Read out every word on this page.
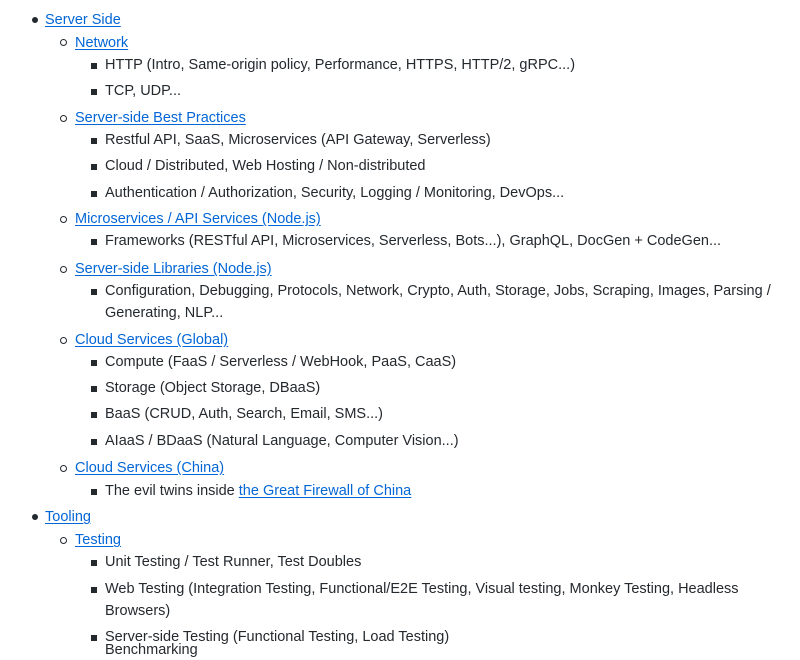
Server Side
Network
HTTP (Intro, Same-origin policy, Performance, HTTPS, HTTP/2, gRPC...)
TCP, UDP...
Server-side Best Practices
Restful API, SaaS, Microservices (API Gateway, Serverless)
Cloud / Distributed, Web Hosting / Non-distributed
Authentication / Authorization, Security, Logging / Monitoring, DevOps...
Microservices / API Services (Node.js)
Frameworks (RESTful API, Microservices, Serverless, Bots...), GraphQL, DocGen + CodeGen...
Server-side Libraries (Node.js)
Configuration, Debugging, Protocols, Network, Crypto, Auth, Storage, Jobs, Scraping, Images, Parsing /
Generating, NLP...
Cloud Services (Global)
Compute (FaaS / Serverless / WebHook, PaaS, CaaS)
Storage (Object Storage, DBaaS)
BaaS (CRUD, Auth, Search, Email, SMS...)
AIaaS / BDaaS (Natural Language, Computer Vision...)
Cloud Services (China)
The evil twins inside the Great Firewall of China
Tooling
Testing
Unit Testing / Test Runner, Test Doubles
Web Testing (Integration Testing, Functional/E2E Testing, Visual testing, Monkey Testing, Headless
Browsers)
Server-side Testing (Functional Testing, Load Testing)
Benchmarking
